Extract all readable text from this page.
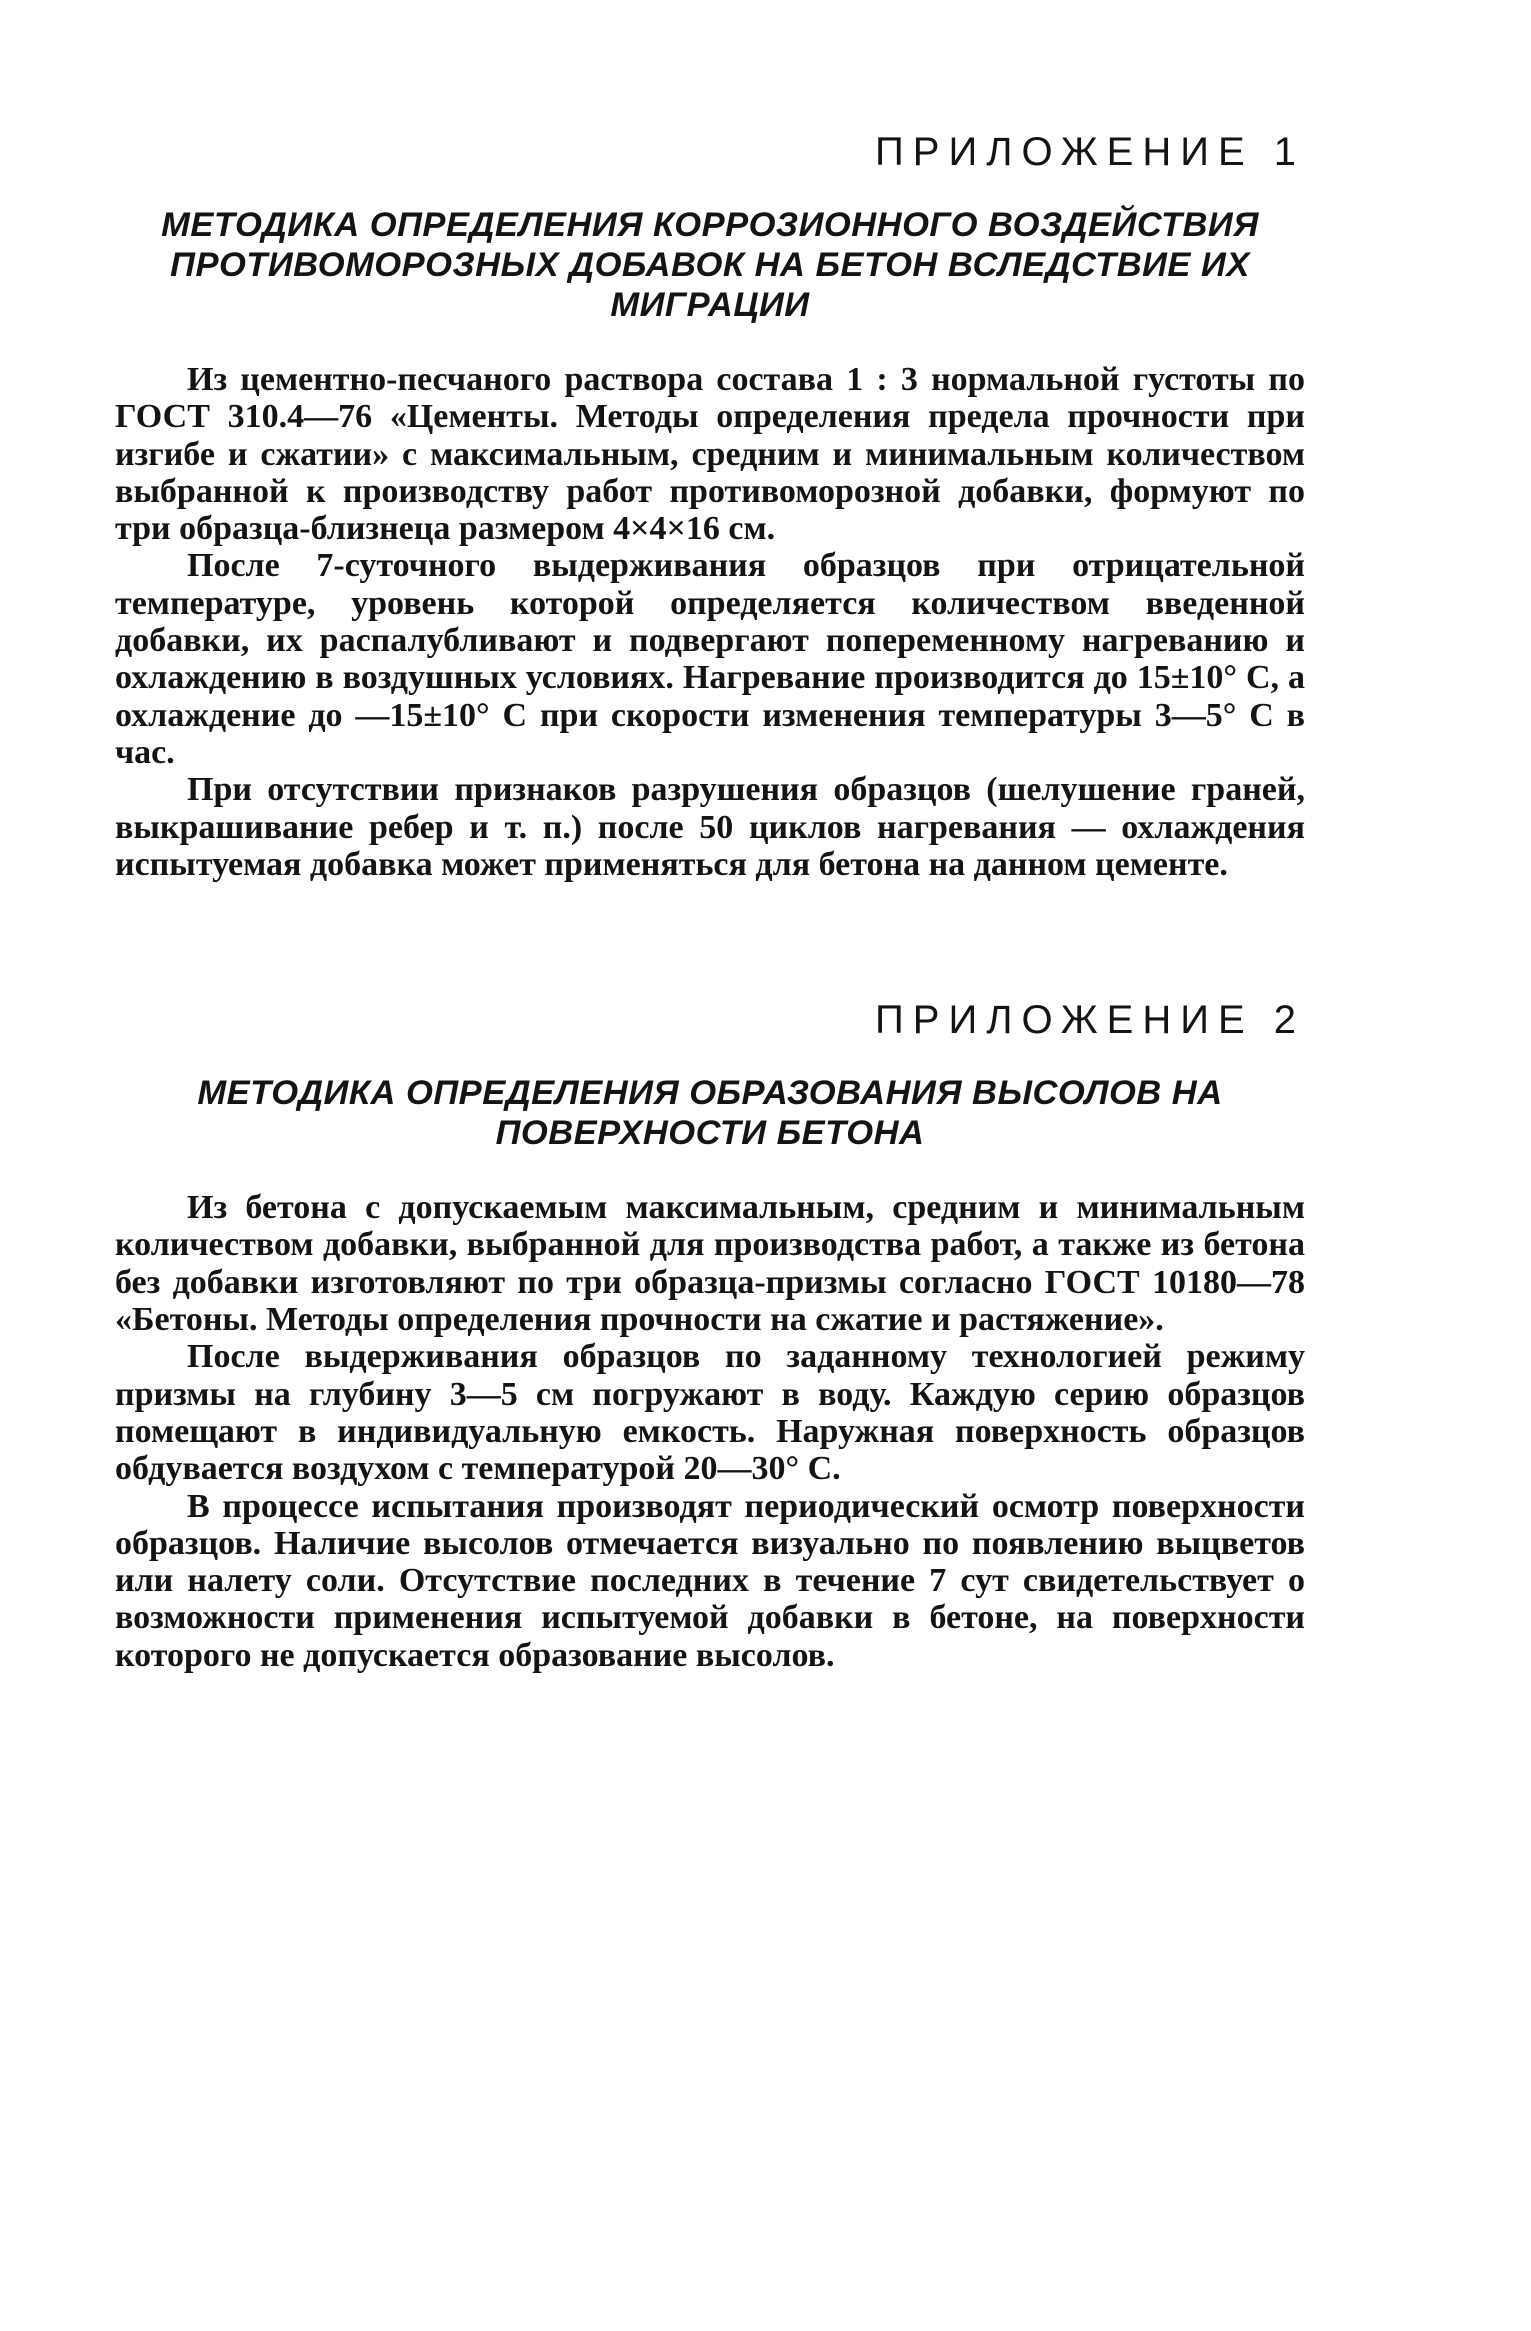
ПРИЛОЖЕНИЕ 1
МЕТОДИКА ОПРЕДЕЛЕНИЯ КОРРОЗИОННОГО ВОЗДЕЙСТВИЯ ПРОТИВОМОРОЗНЫХ ДОБАВОК НА БЕТОН ВСЛЕДСТВИЕ ИХ МИГРАЦИИ

Из цементно-песчаного раствора состава 1 : 3 нормальной густоты по ГОСТ 310.4—76 «Цементы. Методы определения предела прочности при изгибе и сжатии» с максимальным, средним и минимальным количеством выбранной к производству работ противоморозной добавки, формуют по три образца-близнеца размером 4×4×16 см.

После 7-суточного выдерживания образцов при отрицательной температуре, уровень которой определяется количеством введенной добавки, их распалубливают и подвергают попеременному нагреванию и охлаждению в воздушных условиях. Нагревание производится до 15±10° С, а охлаждение до —15±10° С при скорости изменения температуры 3—5° С в час.

При отсутствии признаков разрушения образцов (шелушение граней, выкрашивание ребер и т. п.) после 50 циклов нагревания — охлаждения испытуемая добавка может применяться для бетона на данном цементе.

ПРИЛОЖЕНИЕ 2
МЕТОДИКА ОПРЕДЕЛЕНИЯ ОБРАЗОВАНИЯ ВЫСОЛОВ НА ПОВЕРХНОСТИ БЕТОНА

Из бетона с допускаемым максимальным, средним и минимальным количеством добавки, выбранной для производства работ, а также из бетона без добавки изготовляют по три образца-призмы согласно ГОСТ 10180—78 «Бетоны. Методы определения прочности на сжатие и растяжение».

После выдерживания образцов по заданному технологией режиму призмы на глубину 3—5 см погружают в воду. Каждую серию образцов помещают в индивидуальную емкость. Наружная поверхность образцов обдувается воздухом с температурой 20—30° С.

В процессе испытания производят периодический осмотр поверхности образцов. Наличие высолов отмечается визуально по появлению выцветов или налету соли. Отсутствие последних в течение 7 сут свидетельствует о возможности применения испытуемой добавки в бетоне, на поверхности которого не допускается образование высолов.
